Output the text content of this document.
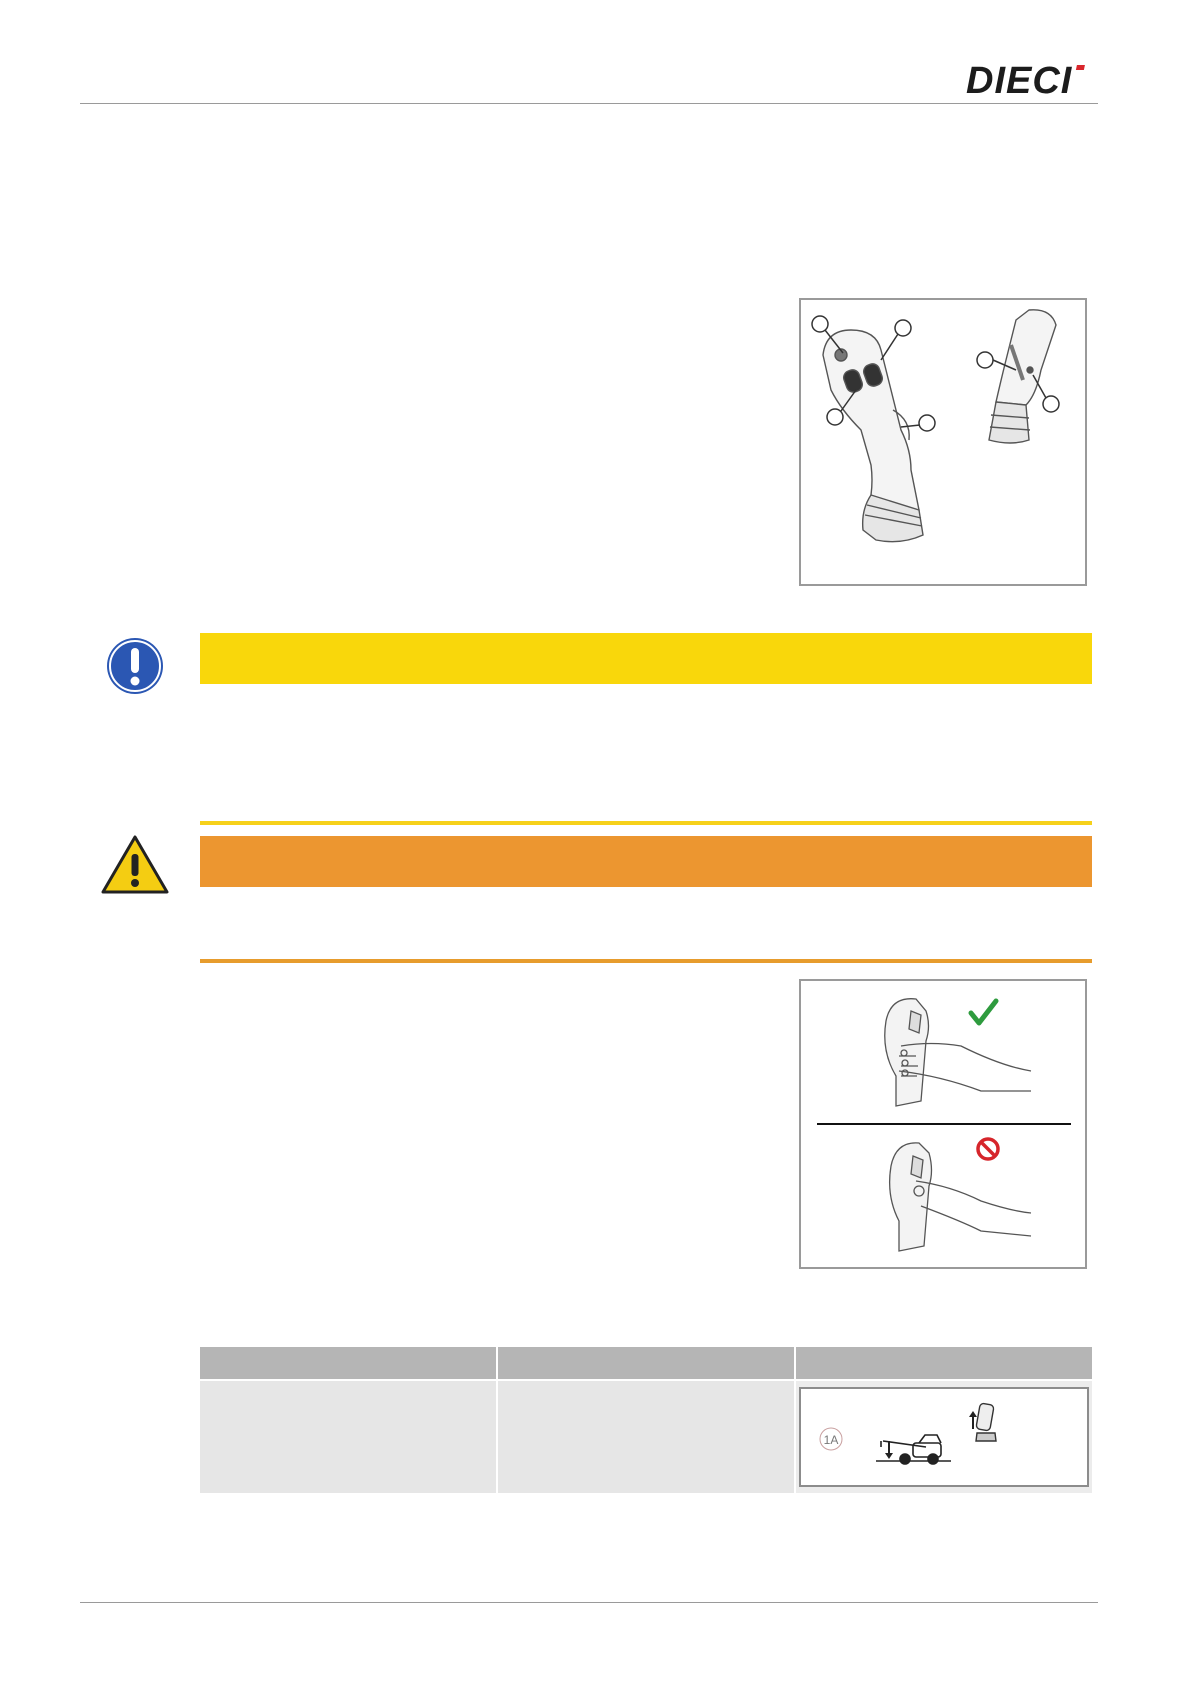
DIECI

1A
